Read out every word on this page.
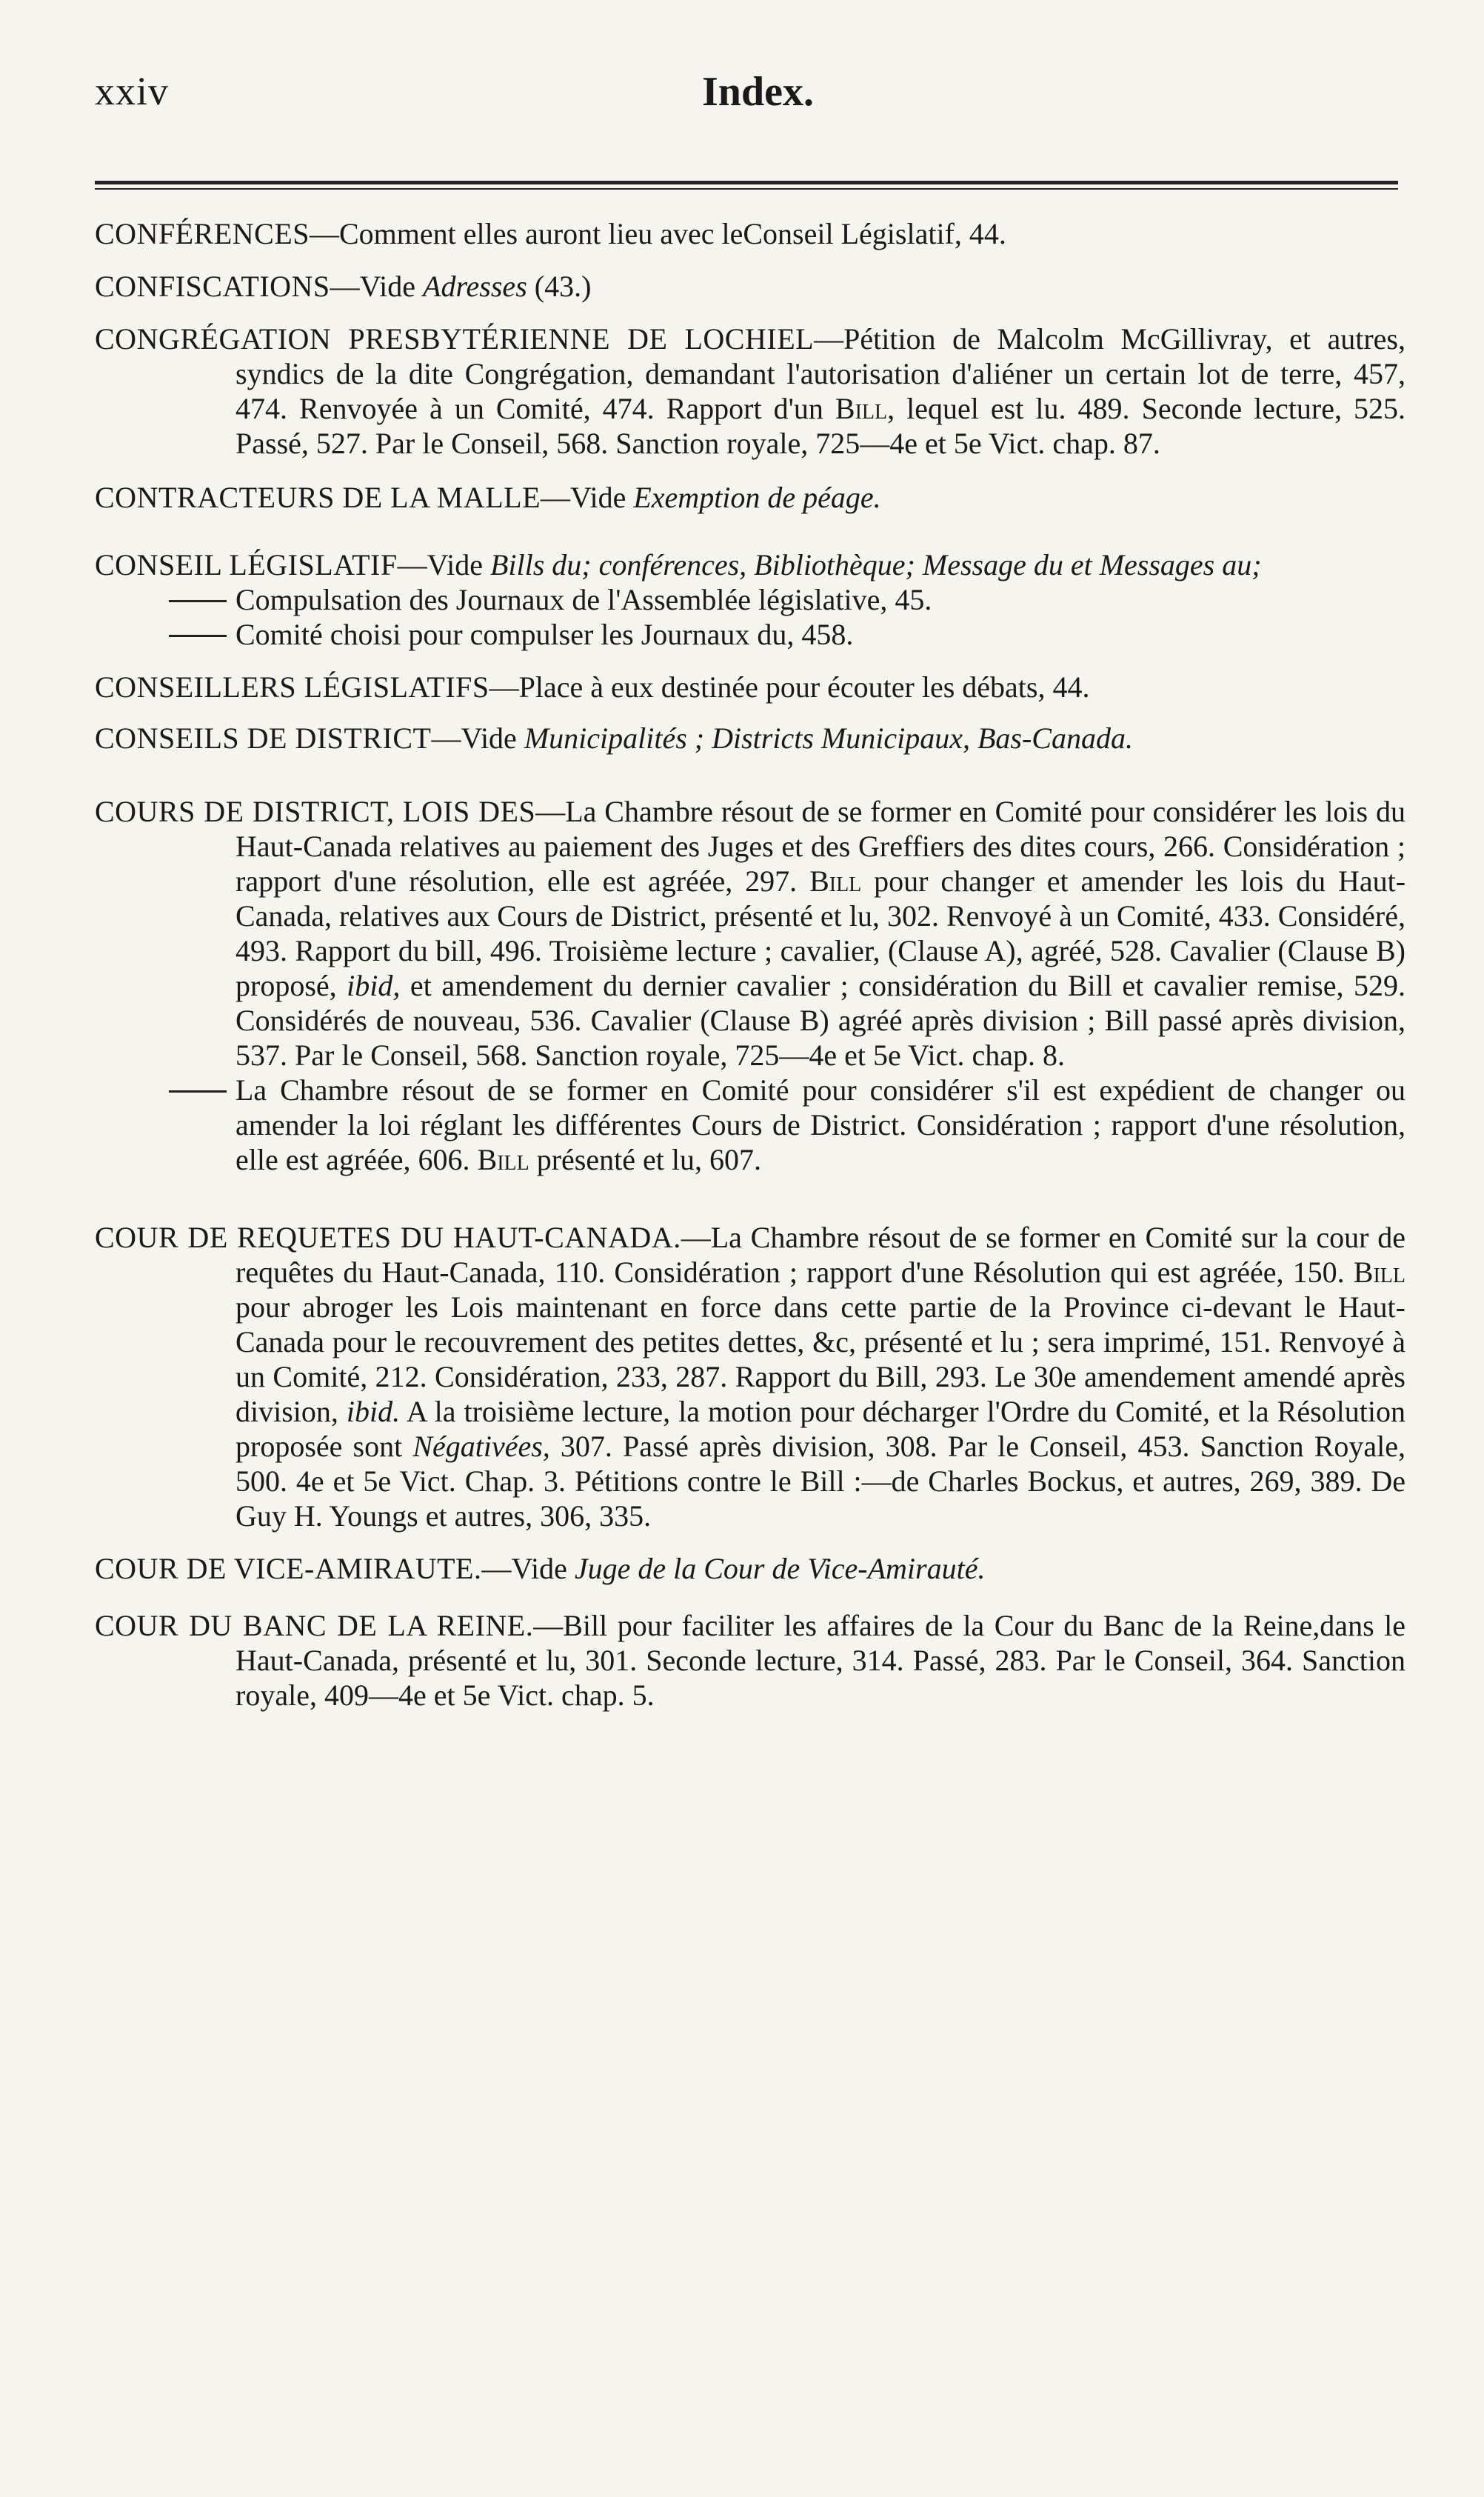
xxiv	Index.

CONFÉRENCES—Comment elles auront lieu avec leConseil Législatif, 44.

CONFISCATIONS—Vide Adresses (43.)

CONGRÉGATION PRESBYTÉRIENNE DE LOCHIEL—Pétition de Malcolm McGillivray, et autres, syndics de la dite Congrégation, demandant l'autorisation d'aliéner un certain lot de terre, 457, 474. Renvoyée à un Comité, 474. Rapport d'un Bill, lequel est lu. 489. Seconde lecture, 525. Passé, 527. Par le Conseil, 568. Sanction royale, 725—4e et 5e Vict. chap. 87.

CONTRACTEURS DE LA MALLE—Vide Exemption de péage.

CONSEIL LÉGISLATIF—Vide Bills du; conférences, Bibliothèque; Message du et Messages au;

Compulsation des Journaux de l'Assemblée législative, 45.

Comité choisi pour compulser les Journaux du, 458.

CONSEILLERS LÉGISLATIFS—Place à eux destinée pour écouter les débats, 44.

CONSEILS DE DISTRICT—Vide Municipalités ; Districts Municipaux, Bas-Canada.

COURS DE DISTRICT, LOIS DES—La Chambre résout de se former en Comité pour considérer les lois du Haut-Canada relatives au paiement des Juges et des Greffiers des dites cours, 266. Considération ; rapport d'une résolution, elle est agréée, 297. Bill pour changer et amender les lois du Haut-Canada, relatives aux Cours de District, présenté et lu, 302. Renvoyé à un Comité, 433. Considéré, 493. Rapport du bill, 496. Troisième lecture ; cavalier, (Clause A), agréé, 528. Cavalier (Clause B) proposé, ibid, et amendement du dernier cavalier ; considération du Bill et cavalier remise, 529. Considérés de nouveau, 536. Cavalier (Clause B) agréé après division ; Bill passé après division, 537. Par le Conseil, 568. Sanction royale, 725—4e et 5e Vict. chap. 8.

La Chambre résout de se former en Comité pour considérer s'il est expédient de changer ou amender la loi réglant les différentes Cours de District. Considération ; rapport d'une résolution, elle est agréée, 606. Bill présenté et lu, 607.

COUR DE REQUETES DU HAUT-CANADA.—La Chambre résout de se former en Comité sur la cour de requêtes du Haut-Canada, 110. Considération ; rapport d'une Résolution qui est agréée, 150. Bill pour abroger les Lois maintenant en force dans cette partie de la Province ci-devant le Haut-Canada pour le recouvrement des petites dettes, &c, présenté et lu ; sera imprimé, 151. Renvoyé à un Comité, 212. Considération, 233, 287. Rapport du Bill, 293. Le 30e amendement amendé après division, ibid. A la troisième lecture, la motion pour décharger l'Ordre du Comité, et la Résolution proposée sont Négativées, 307. Passé après division, 308. Par le Conseil, 453. Sanction Royale, 500. 4e et 5e Vict. Chap. 3. Pétitions contre le Bill :—de Charles Bockus, et autres, 269, 389. De Guy H. Youngs et autres, 306, 335.

COUR DE VICE-AMIRAUTE.—Vide Juge de la Cour de Vice-Amirauté.

COUR DU BANC DE LA REINE.—Bill pour faciliter les affaires de la Cour du Banc de la Reine,dans le Haut-Canada, présenté et lu, 301. Seconde lecture, 314. Passé, 283. Par le Conseil, 364. Sanction royale, 409—4e et 5e Vict. chap. 5.
